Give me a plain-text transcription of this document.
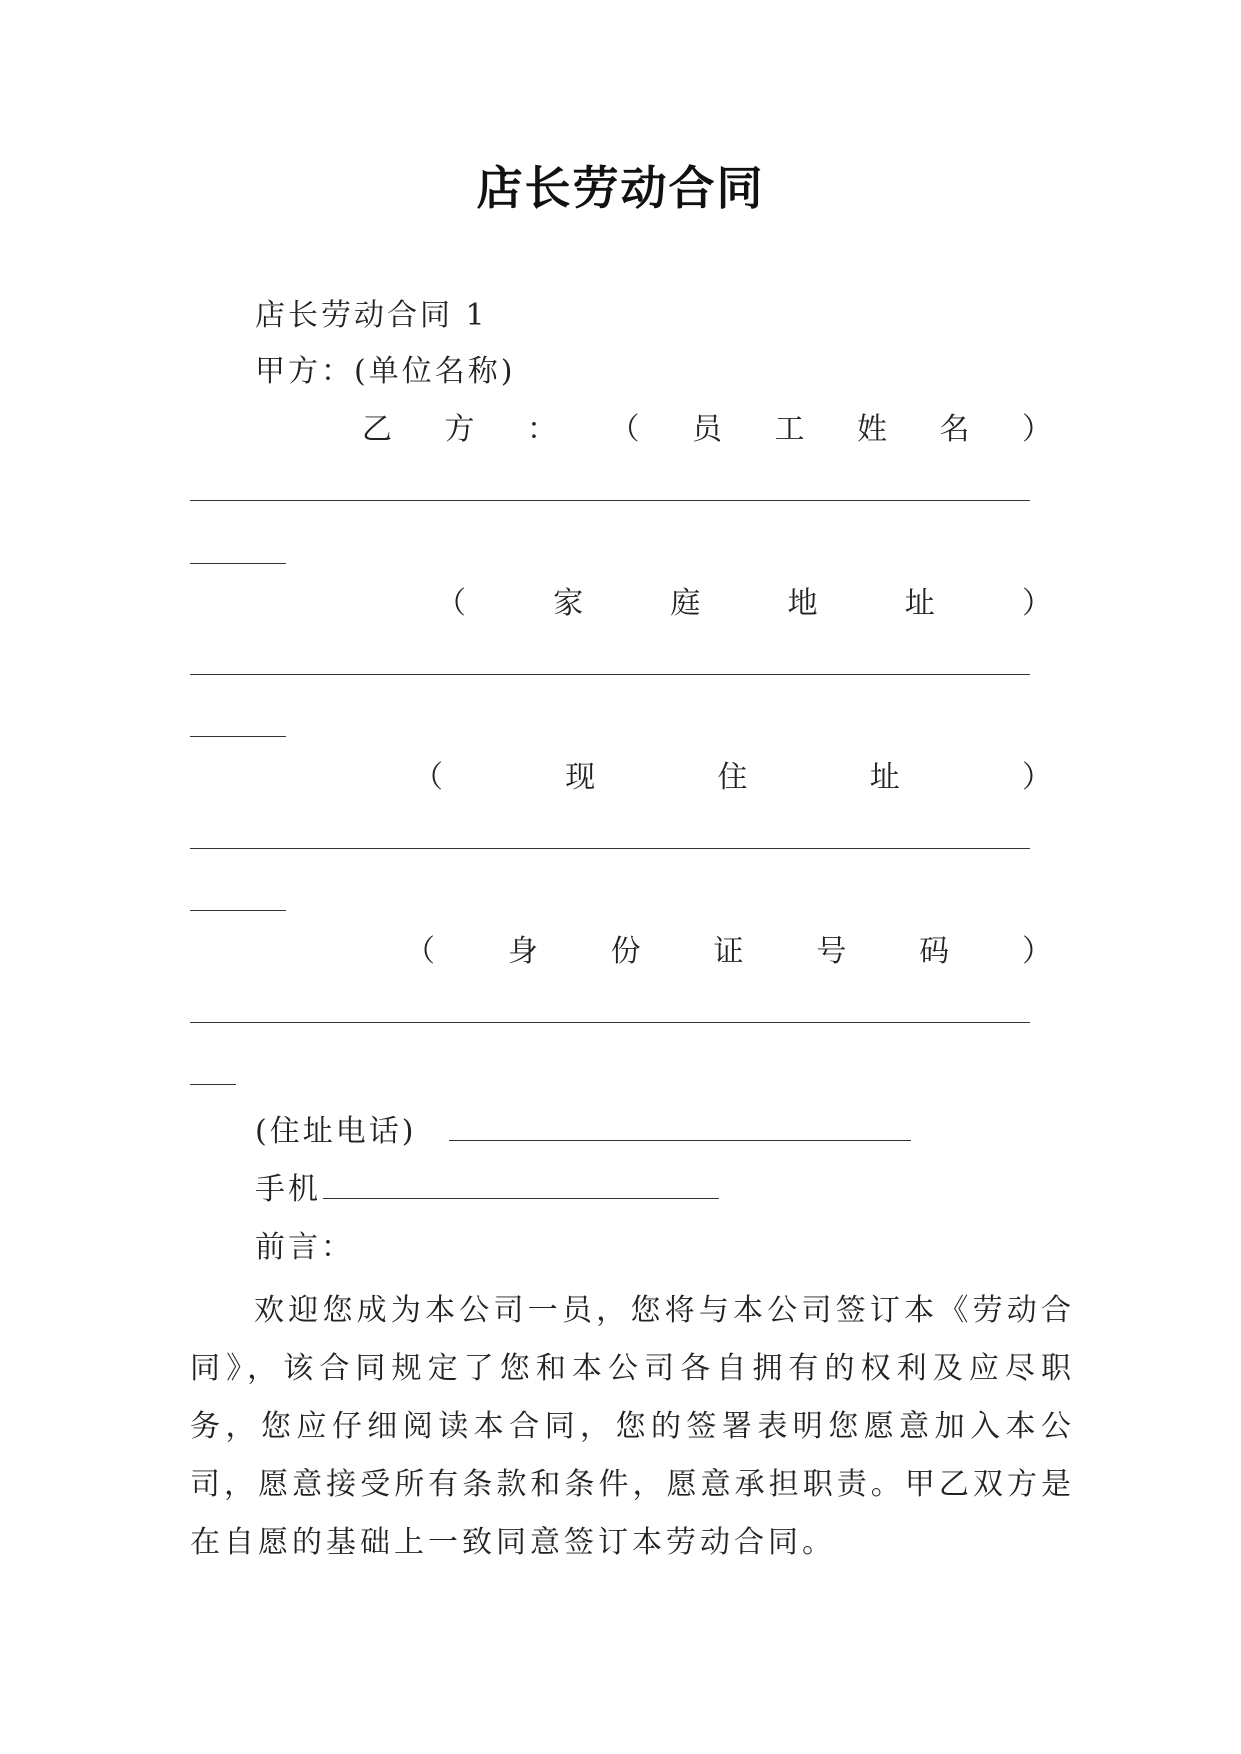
店长劳动合同
店长劳动合同 1
甲方：(单位名称)
乙 方 ： （ 员 工 姓 名 ）
（	家	庭	地	址	）
（	现	住	址	）
（ 身 份 证 号 码 ）
(住址电话)
手机
前言：
欢迎您成为本公司一员，您将与本公司签订本《劳动合同》，该合同规定了您和本公司各自拥有的权利及应尽职务，您应仔细阅读本合同，您的签署表明您愿意加入本公司，愿意接受所有条款和条件，愿意承担职责。甲乙双方是在自愿的基础上一致同意签订本劳动合同。
